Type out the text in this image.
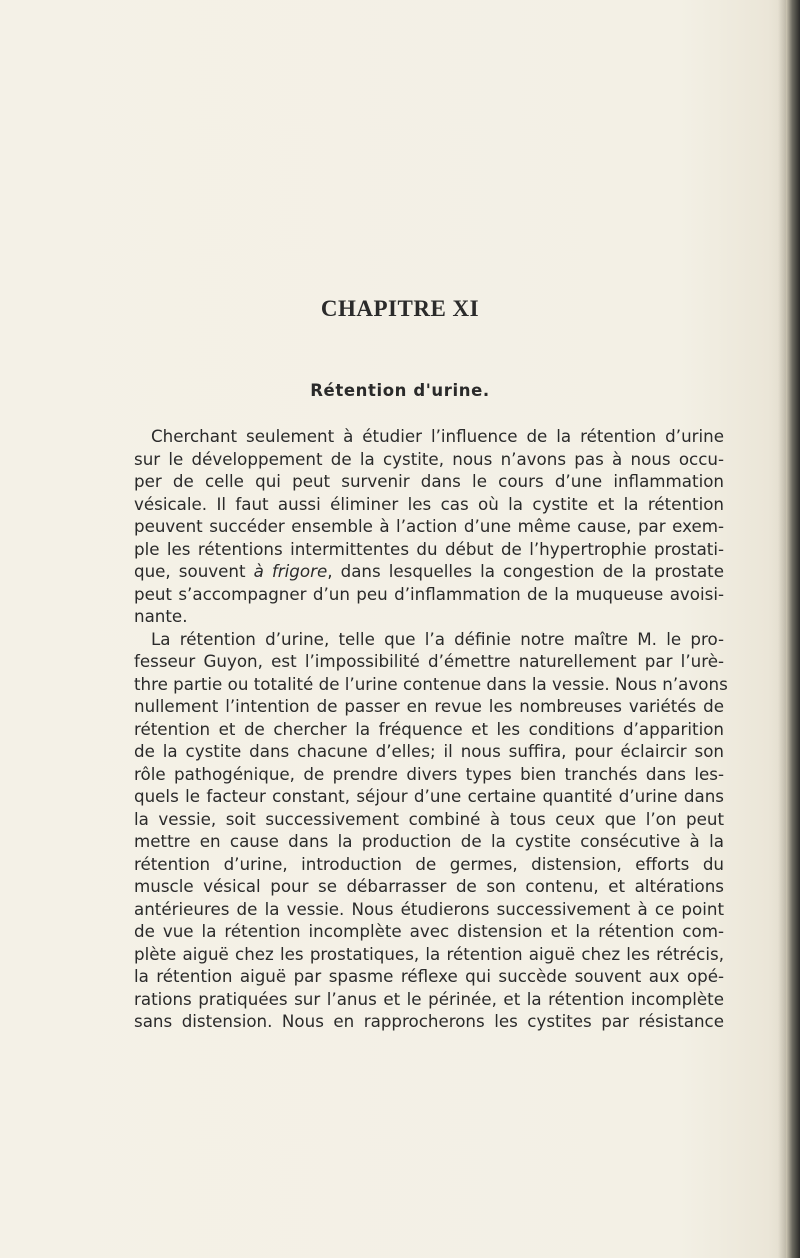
CHAPITRE XI
Rétention d'urine.
Cherchant seulement à étudier l’influence de la rétention d’urine
sur le développement de la cystite, nous n’avons pas à nous occu-
per de celle qui peut survenir dans le cours d’une inflammation
vésicale. Il faut aussi éliminer les cas où la cystite et la rétention
peuvent succéder ensemble à l’action d’une même cause, par exem-
ple les rétentions intermittentes du début de l’hypertrophie prostati-
que, souvent à frigore, dans lesquelles la congestion de la prostate
peut s’accompagner d’un peu d’inflammation de la muqueuse avoisi-
nante.
La rétention d’urine, telle que l’a définie notre maître M. le pro-
fesseur Guyon, est l’impossibilité d’émettre naturellement par l’urè-
thre partie ou totalité de l’urine contenue dans la vessie. Nous n’avons
nullement l’intention de passer en revue les nombreuses variétés de
rétention et de chercher la fréquence et les conditions d’apparition
de la cystite dans chacune d’elles; il nous suffira, pour éclaircir son
rôle pathogénique, de prendre divers types bien tranchés dans les-
quels le facteur constant, séjour d’une certaine quantité d’urine dans
la vessie, soit successivement combiné à tous ceux que l’on peut
mettre en cause dans la production de la cystite consécutive à la
rétention d’urine, introduction de germes, distension, efforts du
muscle vésical pour se débarrasser de son contenu, et altérations
antérieures de la vessie. Nous étudierons successivement à ce point
de vue la rétention incomplète avec distension et la rétention com-
plète aiguë chez les prostatiques, la rétention aiguë chez les rétrécis,
la rétention aiguë par spasme réflexe qui succède souvent aux opé-
rations pratiquées sur l’anus et le périnée, et la rétention incomplète
sans distension. Nous en rapprocherons les cystites par résistance
